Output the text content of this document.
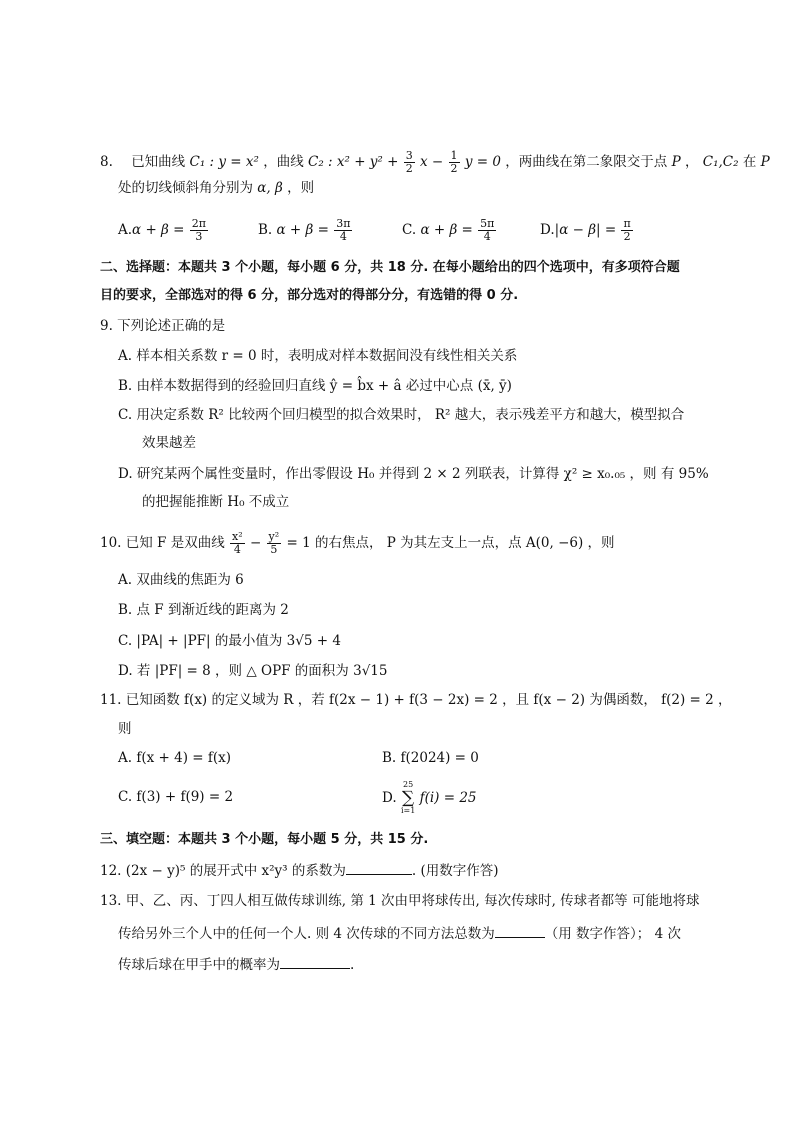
8. 已知曲线 C₁ : y = x² ，曲线 C₂ : $x^2 + y^2 + \frac{3}{2}$ $x - \frac{1}{2}$ y = 0 ，两曲线在第二象限交于点 P ， C₁,C₂ 在 P
处的切线倾斜角分别为 α, β ，则
$A.\alpha + \beta = \frac{2\pi}{3}$	B. $\alpha + \beta = \frac{3\pi}{4}$	C. $\alpha + \beta = \frac{5\pi}{4}$	$D.|\alpha - \beta| = \frac{\pi}{2}$
二、选择题：本题共 3 个小题，每小题 6 分，共 18 分. 在每小题给出的四个选项中，有多项符合题
目的要求，全部选对的得 6 分，部分选对的得部分分，有选错的得 0 分.
9. 下列论述正确的是
A. 样本相关系数 r = 0 时，表明成对样本数据间没有线性相关关系
B. 由样本数据得到的经验回归直线 ŷ = b̂x + â 必过中心点 (x̄, ȳ)
C. 用决定系数 R² 比较两个回归模型的拟合效果时， R² 越大，表示残差平方和越大，模型拟合
效果越差
D. 研究某两个属性变量时，作出零假设 H₀ 并得到 2 × 2 列联表，计算得 χ² ≥ x₀.₀₅ ，则 有 95%
的把握能推断 H₀ 不成立
10. 已知 F 是双曲线 $\frac{\text{x²}}{4} - \frac{\text{y²}}{5} = 1$ 的右焦点， P 为其左支上一点，点 A(0, −6) ，则
A. 双曲线的焦距为 6
B. 点 F 到渐近线的距离为 2
C. |PA| + |PF| 的最小值为 3√5 + 4
D. 若 |PF| = 8 ，则 △ OPF 的面积为 3√15
11. 已知函数 f(x) 的定义域为 R ，若 f(2x − 1) + f(3 − 2x) = 2 ，且 f(x − 2) 为偶函数， f(2) = 2 ，
则
A. f(x + 4) = f(x)	B. f(2024) = 0
C. f(3) + f(9) = 2	D.
25
∑
i=1
f(i) = 25
三、填空题：本题共 3 个小题，每小题 5 分，共 15 分.
12. (2x − y)⁵ 的展开式中 x²y³ 的系数为	. (用数字作答)
13. 甲、乙、丙、丁四人相互做传球训练, 第 1 次由甲将球传出, 每次传球时, 传球者都等 可能地将球
传给另外三个人中的任何一个人. 则 4 次传球的不同方法总数为	（用 数字作答）； 4 次
传球后球在甲手中的概率为	.
